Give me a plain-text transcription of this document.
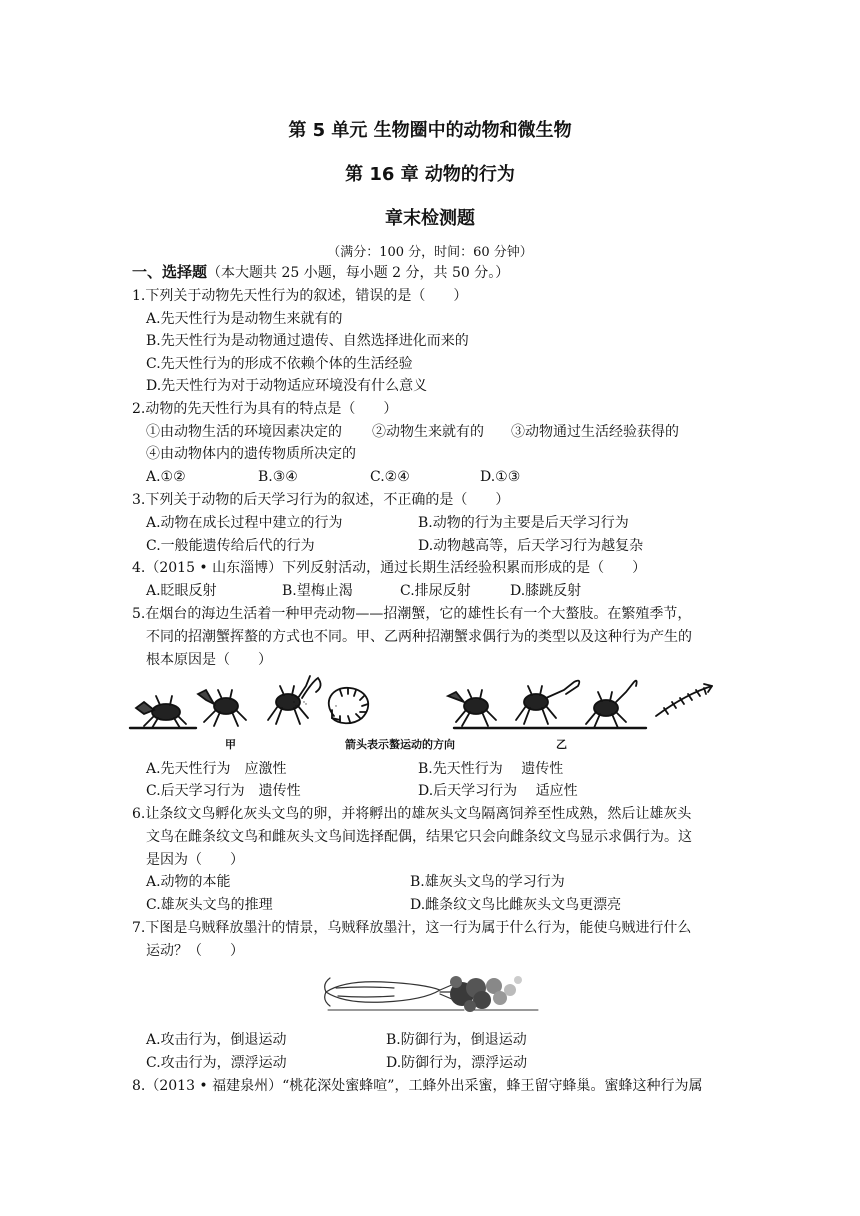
第 5 单元 生物圈中的动物和微生物
第 16 章 动物的行为
章末检测题
（满分：100 分，时间：60 分钟）
一、选择题（本大题共 25 小题，每小题 2 分，共 50 分。）
1.下列关于动物先天性行为的叙述，错误的是（　　）
A.先天性行为是动物生来就有的
B.先天性行为是动物通过遗传、自然选择进化而来的
C.先天性行为的形成不依赖个体的生活经验
D.先天性行为对于动物适应环境没有什么意义
2.动物的先天性行为具有的特点是（　　）
①由动物生活的环境因素决定的 ②动物生来就有的 ③动物通过生活经验获得的
④由动物体内的遗传物质所决定的
A.①②	B.③④	C.②④	D.①③
3.下列关于动物的后天学习行为的叙述，不正确的是（　　）
A.动物在成长过程中建立的行为	B.动物的行为主要是后天学习行为
C.一般能遗传给后代的行为	D.动物越高等，后天学习行为越复杂
4.（2015 • 山东淄博）下列反射活动，通过长期生活经验积累而形成的是（　　）
A.眨眼反射	B.望梅止渴	C.排尿反射	D.膝跳反射
5.在烟台的海边生活着一种甲壳动物——招潮蟹，它的雄性长有一个大螯肢。在繁殖季节，
不同的招潮蟹挥螯的方式也不同。甲、乙两种招潮蟹求偶行为的类型以及这种行为产生的
根本原因是（　　）
甲	箭头表示螯运动的方向	乙
A.先天性行为　应激性	B.先天性行为　 遗传性
C.后天学习行为　遗传性	D.后天学习行为　 适应性
6.让条纹文鸟孵化灰头文鸟的卵，并将孵出的雄灰头文鸟隔离饲养至性成熟，然后让雄灰头
文鸟在雌条纹文鸟和雌灰头文鸟间选择配偶，结果它只会向雌条纹文鸟显示求偶行为。这
是因为（　　）
A.动物的本能	B.雄灰头文鸟的学习行为
C.雄灰头文鸟的推理	D.雌条纹文鸟比雌灰头文鸟更漂亮
7.下图是乌贼释放墨汁的情景，乌贼释放墨汁，这一行为属于什么行为，能使乌贼进行什么
运动？（　　）
A.攻击行为，倒退运动	B.防御行为，倒退运动
C.攻击行为，漂浮运动	D.防御行为，漂浮运动
8.（2013 • 福建泉州）“桃花深处蜜蜂喧”，工蜂外出采蜜，蜂王留守蜂巢。蜜蜂这种行为属
